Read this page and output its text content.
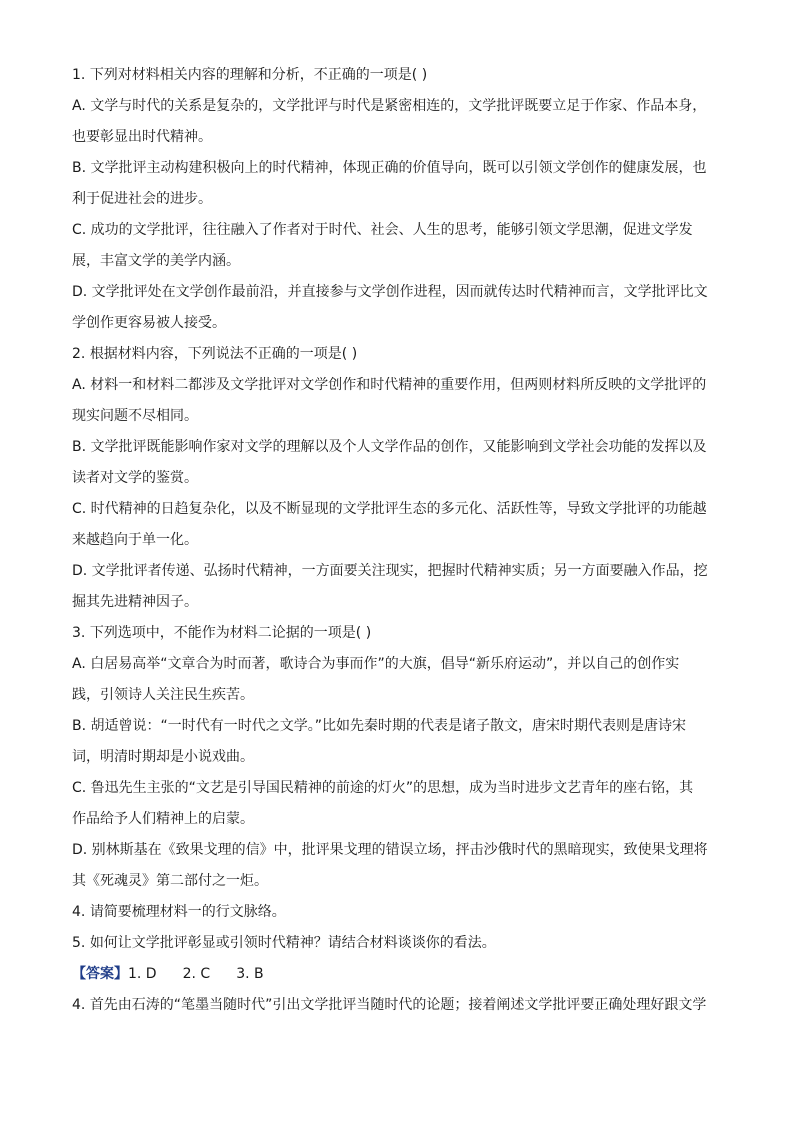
1. 下列对材料相关内容的理解和分析，不正确的一项是( )
A. 文学与时代的关系是复杂的，文学批评与时代是紧密相连的，文学批评既要立足于作家、作品本身，
也要彰显出时代精神。
B. 文学批评主动构建积极向上的时代精神，体现正确的价值导向，既可以引领文学创作的健康发展，也
利于促进社会的进步。
C. 成功的文学批评，往往融入了作者对于时代、社会、人生的思考，能够引领文学思潮，促进文学发
展，丰富文学的美学内涵。
D. 文学批评处在文学创作最前沿，并直接参与文学创作进程，因而就传达时代精神而言，文学批评比文
学创作更容易被人接受。
2. 根据材料内容，下列说法不正确的一项是( )
A. 材料一和材料二都涉及文学批评对文学创作和时代精神的重要作用，但两则材料所反映的文学批评的
现实问题不尽相同。
B. 文学批评既能影响作家对文学的理解以及个人文学作品的创作，又能影响到文学社会功能的发挥以及
读者对文学的鉴赏。
C. 时代精神的日趋复杂化，以及不断显现的文学批评生态的多元化、活跃性等，导致文学批评的功能越
来越趋向于单一化。
D. 文学批评者传递、弘扬时代精神，一方面要关注现实，把握时代精神实质；另一方面要融入作品，挖
掘其先进精神因子。
3. 下列选项中，不能作为材料二论据的一项是( )
A. 白居易高举“文章合为时而著，歌诗合为事而作”的大旗，倡导“新乐府运动”，并以自己的创作实
践，引领诗人关注民生疾苦。
B. 胡适曾说：“一时代有一时代之文学。”比如先秦时期的代表是诸子散文，唐宋时期代表则是唐诗宋
词，明清时期却是小说戏曲。
C. 鲁迅先生主张的“文艺是引导国民精神的前途的灯火”的思想，成为当时进步文艺青年的座右铭，其
作品给予人们精神上的启蒙。
D. 别林斯基在《致果戈理的信》中，批评果戈理的错误立场，抨击沙俄时代的黑暗现实，致使果戈理将
其《死魂灵》第二部付之一炬。
4. 请简要梳理材料一的行文脉络。
5. 如何让文学批评彰显或引领时代精神？请结合材料谈谈你的看法。
【答案】1. D 2. C 3. B
4. 首先由石涛的“笔墨当随时代”引出文学批评当随时代的论题；接着阐述文学批评要正确处理好跟文学
